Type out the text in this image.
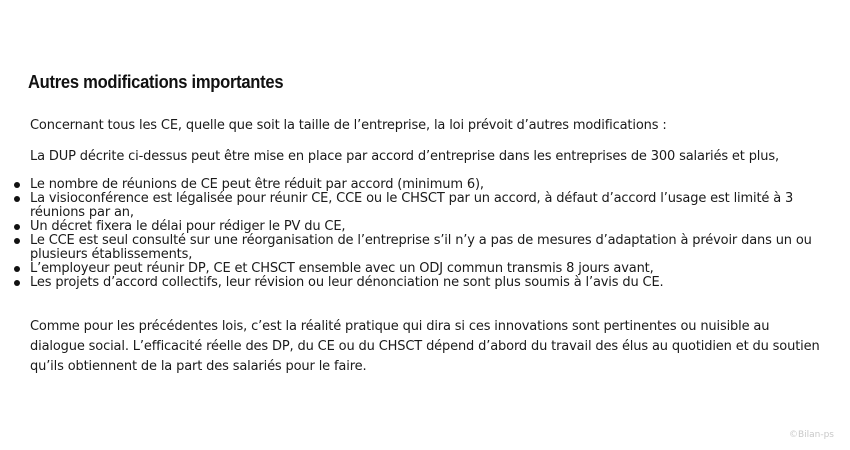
Autres modifications importantes

Concernant tous les CE, quelle que soit la taille de l’entreprise, la loi prévoit d’autres modifications :

La DUP décrite ci-dessus peut être mise en place par accord d’entreprise dans les entreprises de 300 salariés et plus,

Le nombre de réunions de CE peut être réduit par accord (minimum 6),
La visioconférence est légalisée pour réunir CE, CCE ou le CHSCT par un accord, à défaut d’accord l’usage est limité à 3 réunions par an,
Un décret fixera le délai pour rédiger le PV du CE,
Le CCE est seul consulté sur une réorganisation de l’entreprise s’il n’y a pas de mesures d’adaptation à prévoir dans un ou plusieurs établissements,
L’employeur peut réunir DP, CE et CHSCT ensemble avec un ODJ commun transmis 8 jours avant,
Les projets d’accord collectifs, leur révision ou leur dénonciation ne sont plus soumis à l’avis du CE.

Comme pour les précédentes lois, c’est la réalité pratique qui dira si ces innovations sont pertinentes ou nuisible au dialogue social. L’efficacité réelle des DP, du CE ou du CHSCT dépend d’abord du travail des élus au quotidien et du soutien qu’ils obtiennent de la part des salariés pour le faire.

©Bilan-ps
